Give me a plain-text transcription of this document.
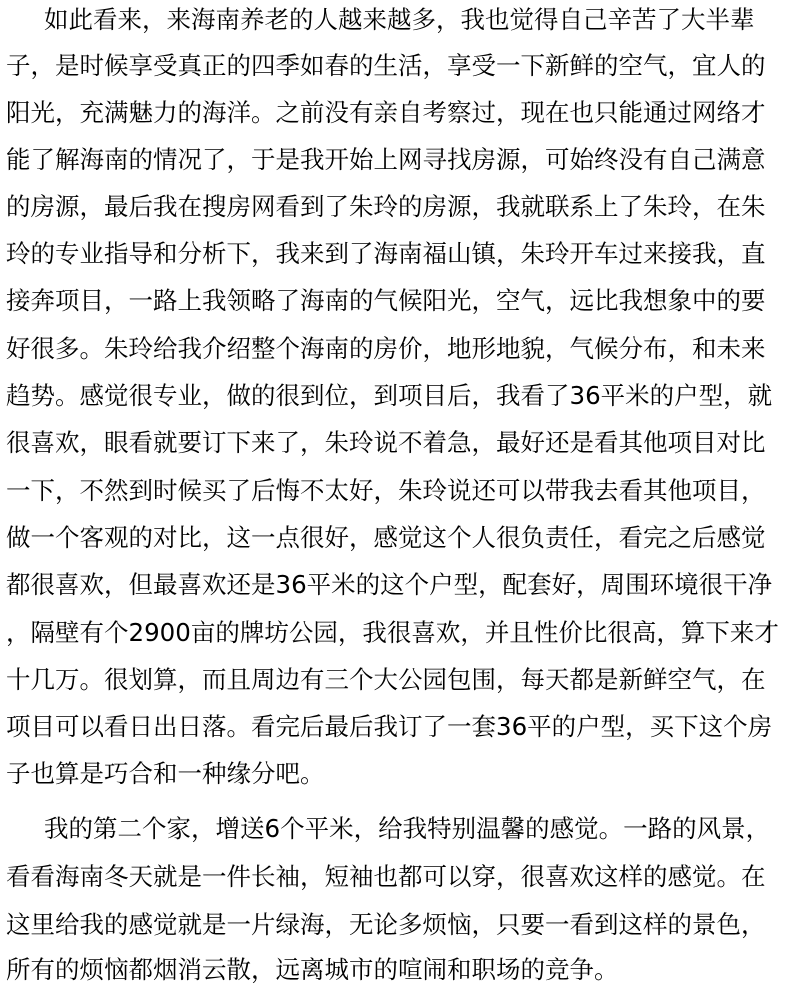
如此看来，来海南养老的人越来越多，我也觉得自己辛苦了大半辈
子，是时候享受真正的四季如春的生活，享受一下新鲜的空气，宜人的
阳光，充满魅力的海洋。之前没有亲自考察过，现在也只能通过网络才
能了解海南的情况了，于是我开始上网寻找房源，可始终没有自己满意
的房源，最后我在搜房网看到了朱玲的房源，我就联系上了朱玲，在朱
玲的专业指导和分析下，我来到了海南福山镇，朱玲开车过来接我，直
接奔项目，一路上我领略了海南的气候阳光，空气，远比我想象中的要
好很多。朱玲给我介绍整个海南的房价，地形地貌，气候分布，和未来
趋势。感觉很专业，做的很到位，到项目后，我看了36平米的户型，就
很喜欢，眼看就要订下来了，朱玲说不着急，最好还是看其他项目对比
一下，不然到时候买了后悔不太好，朱玲说还可以带我去看其他项目，
做一个客观的对比，这一点很好，感觉这个人很负责任，看完之后感觉
都很喜欢，但最喜欢还是36平米的这个户型，配套好，周围环境很干净
，隔壁有个2900亩的牌坊公园，我很喜欢，并且性价比很高，算下来才
十几万。很划算，而且周边有三个大公园包围，每天都是新鲜空气，在
项目可以看日出日落。看完后最后我订了一套36平的户型，买下这个房
子也算是巧合和一种缘分吧。
我的第二个家，增送6个平米，给我特别温馨的感觉。一路的风景，
看看海南冬天就是一件长袖，短袖也都可以穿，很喜欢这样的感觉。在
这里给我的感觉就是一片绿海，无论多烦恼，只要一看到这样的景色，
所有的烦恼都烟消云散，远离城市的喧闹和职场的竞争。
